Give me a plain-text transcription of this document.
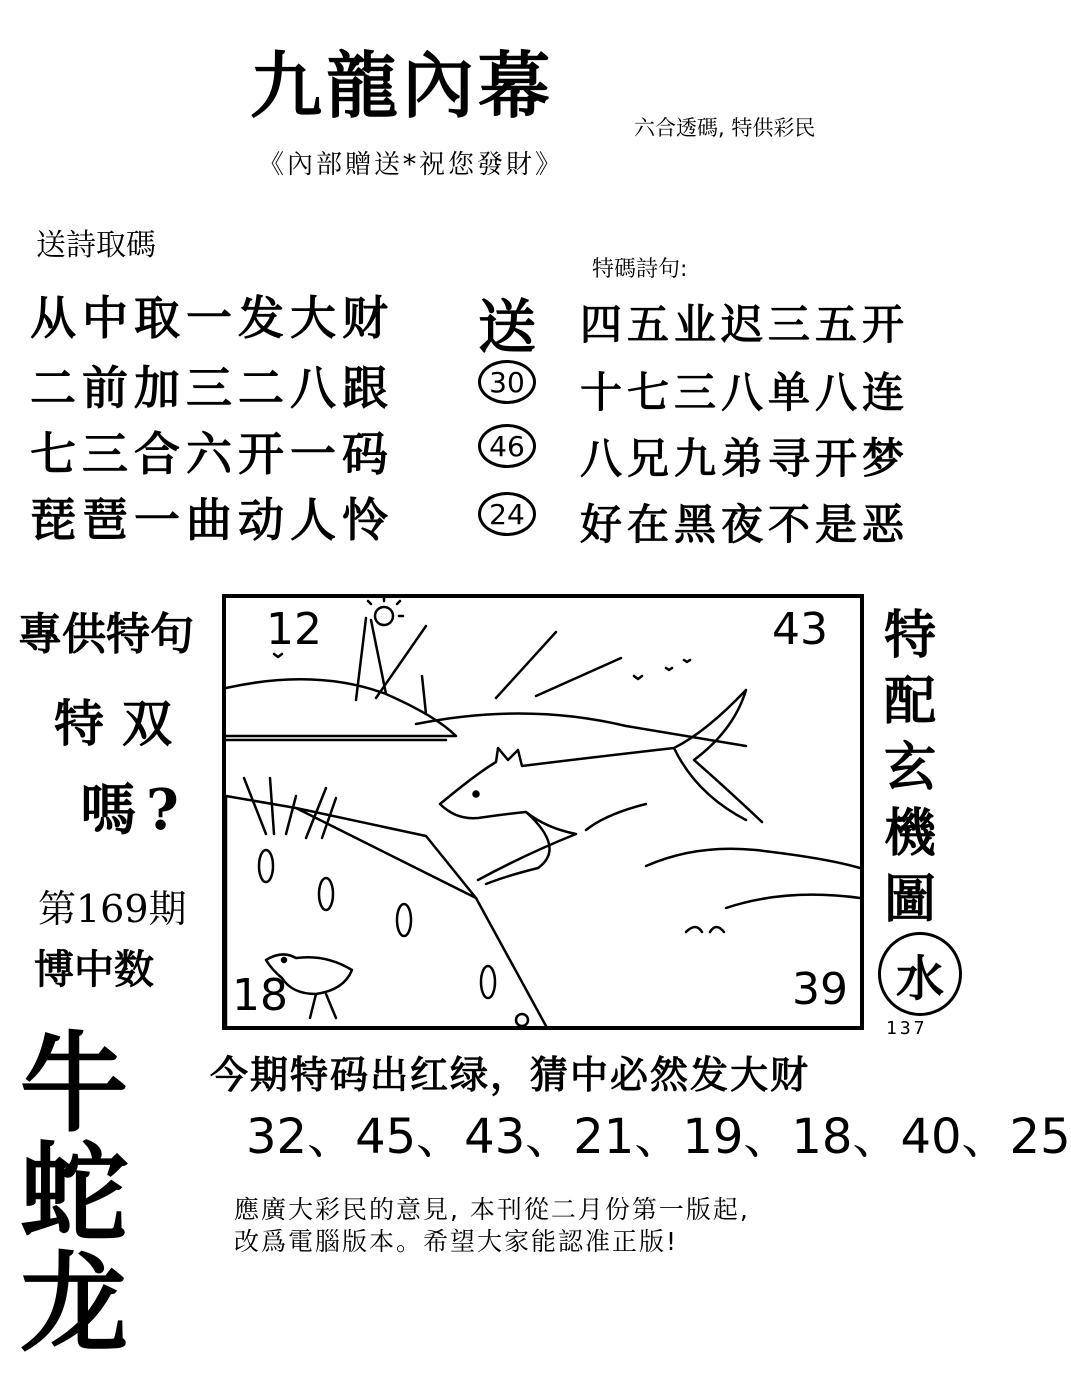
九龍內幕	六合透碼, 特供彩民
《內部贈送*祝您發財》
送詩取碼
特碼詩句:
从中取一发大财
二前加三二八跟
七三合六开一码
琵琶一曲动人怜
送
30
46
24
四五业迟三五开
十七三八单八连
八兄九弟寻开梦
好在黑夜不是恶
專供特句
特双
嗎?
第169期
博中数
牛
蛇
龙
12	43
18	39
特
配
玄
機
圖
水
137
今期特码出红绿，猜中必然发大财
32、45、43、21、19、18、40、25
應廣大彩民的意見, 本刊從二月份第一版起,
改爲電腦版本。希望大家能認准正版!
